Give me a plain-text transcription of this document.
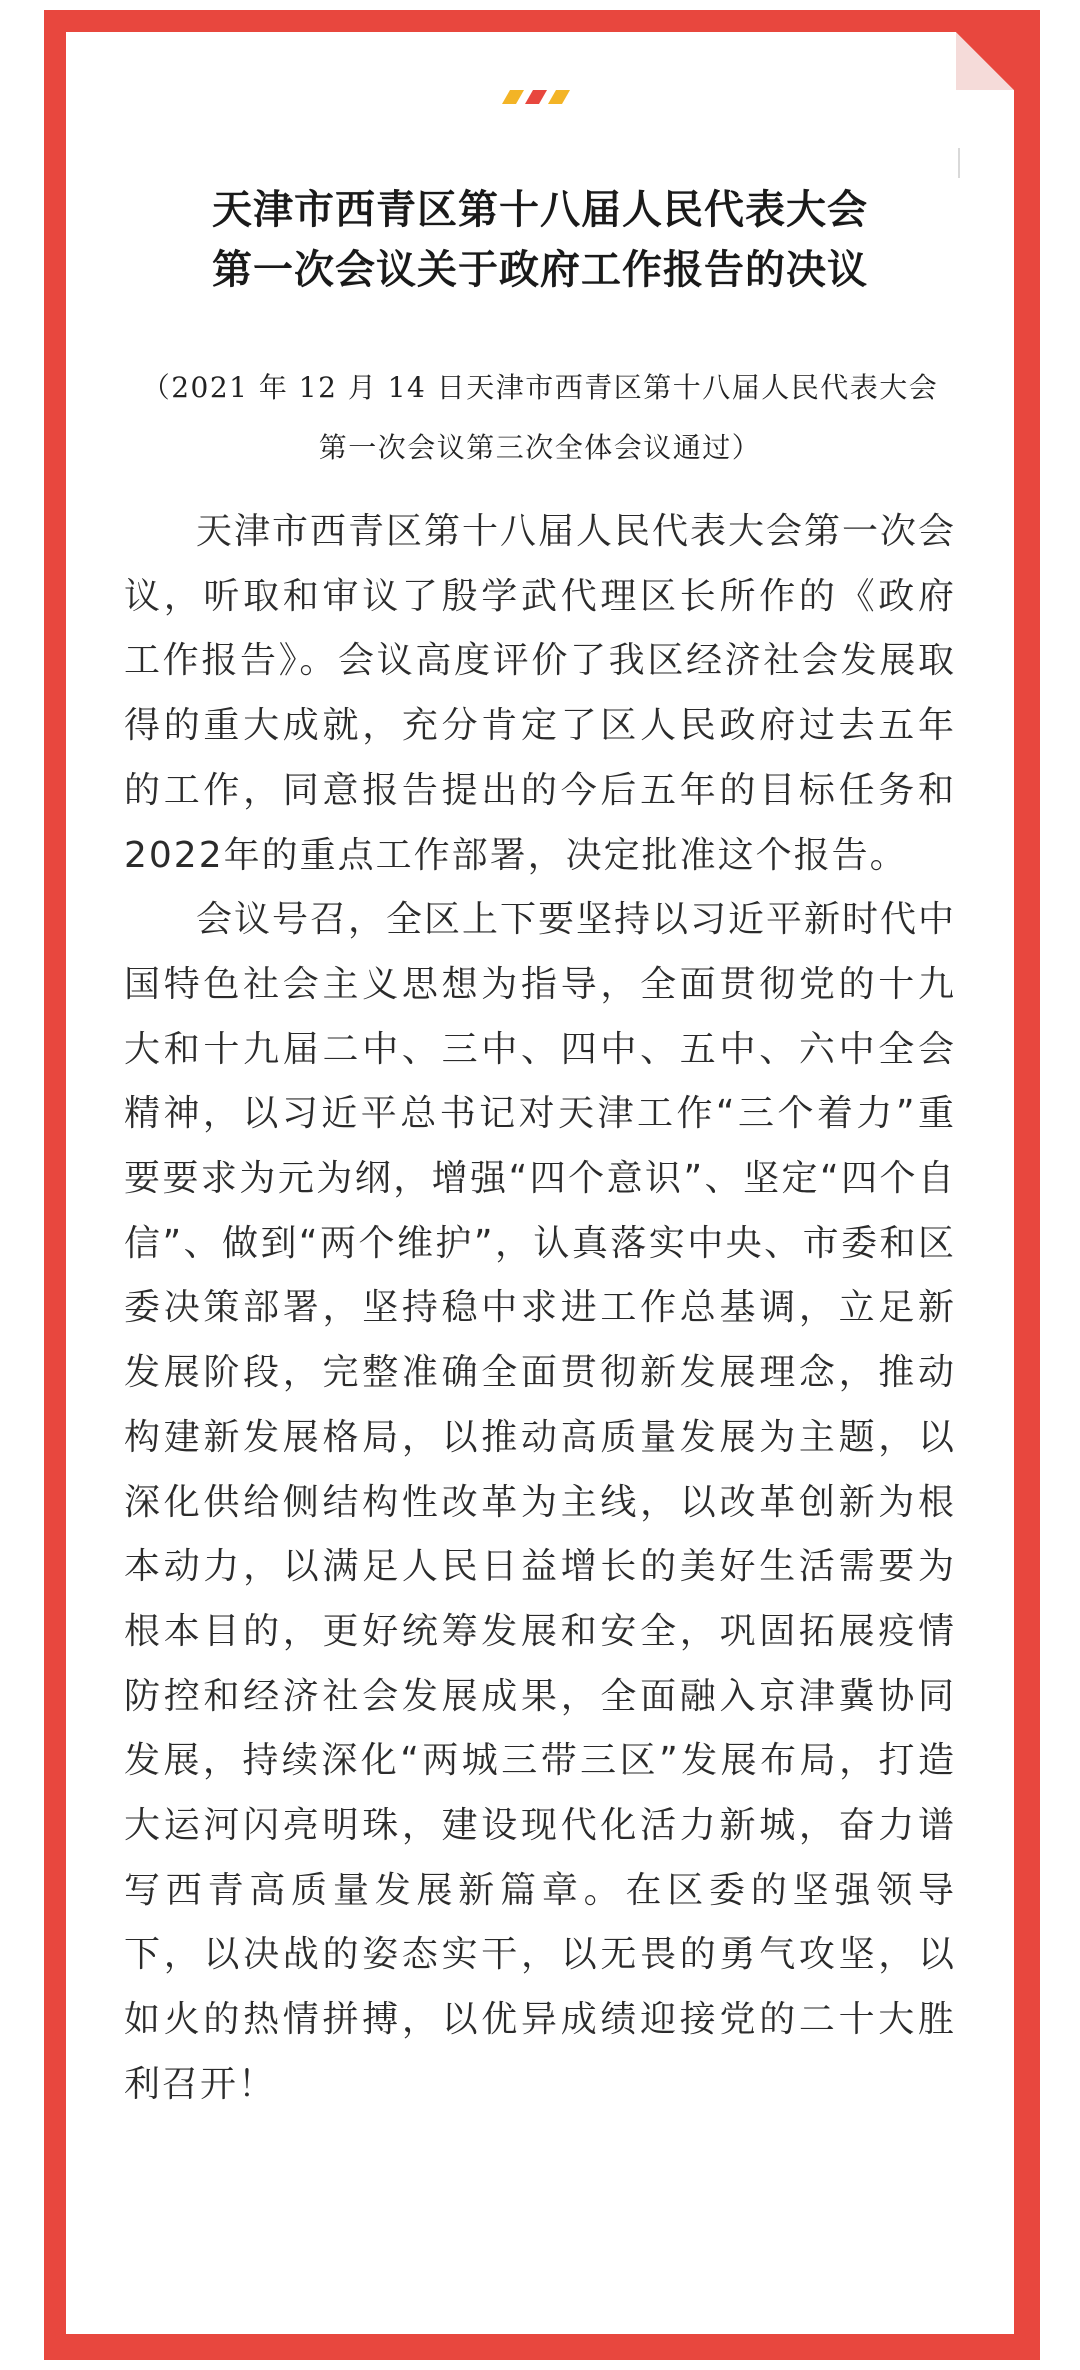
天津市西青区第十八届人民代表大会
第一次会议关于政府工作报告的决议
（2021 年 12 月 14 日天津市西青区第十八届人民代表大会
第一次会议第三次全体会议通过）

天津市西青区第十八届人民代表大会第一次会议，听取和审议了殷学武代理区长所作的《政府工作报告》。会议高度评价了我区经济社会发展取得的重大成就，充分肯定了区人民政府过去五年的工作，同意报告提出的今后五年的目标任务和2022年的重点工作部署，决定批准这个报告。

会议号召，全区上下要坚持以习近平新时代中国特色社会主义思想为指导，全面贯彻党的十九大和十九届二中、三中、四中、五中、六中全会精神，以习近平总书记对天津工作“三个着力”重要要求为元为纲，增强“四个意识”、坚定“四个自信”、做到“两个维护”，认真落实中央、市委和区委决策部署，坚持稳中求进工作总基调，立足新发展阶段，完整准确全面贯彻新发展理念，推动构建新发展格局，以推动高质量发展为主题，以深化供给侧结构性改革为主线，以改革创新为根本动力，以满足人民日益增长的美好生活需要为根本目的，更好统筹发展和安全，巩固拓展疫情防控和经济社会发展成果，全面融入京津冀协同发展，持续深化“两城三带三区”发展布局，打造大运河闪亮明珠，建设现代化活力新城，奋力谱写西青高质量发展新篇章。在区委的坚强领导下，以决战的姿态实干，以无畏的勇气攻坚，以如火的热情拼搏，以优异成绩迎接党的二十大胜利召开！
